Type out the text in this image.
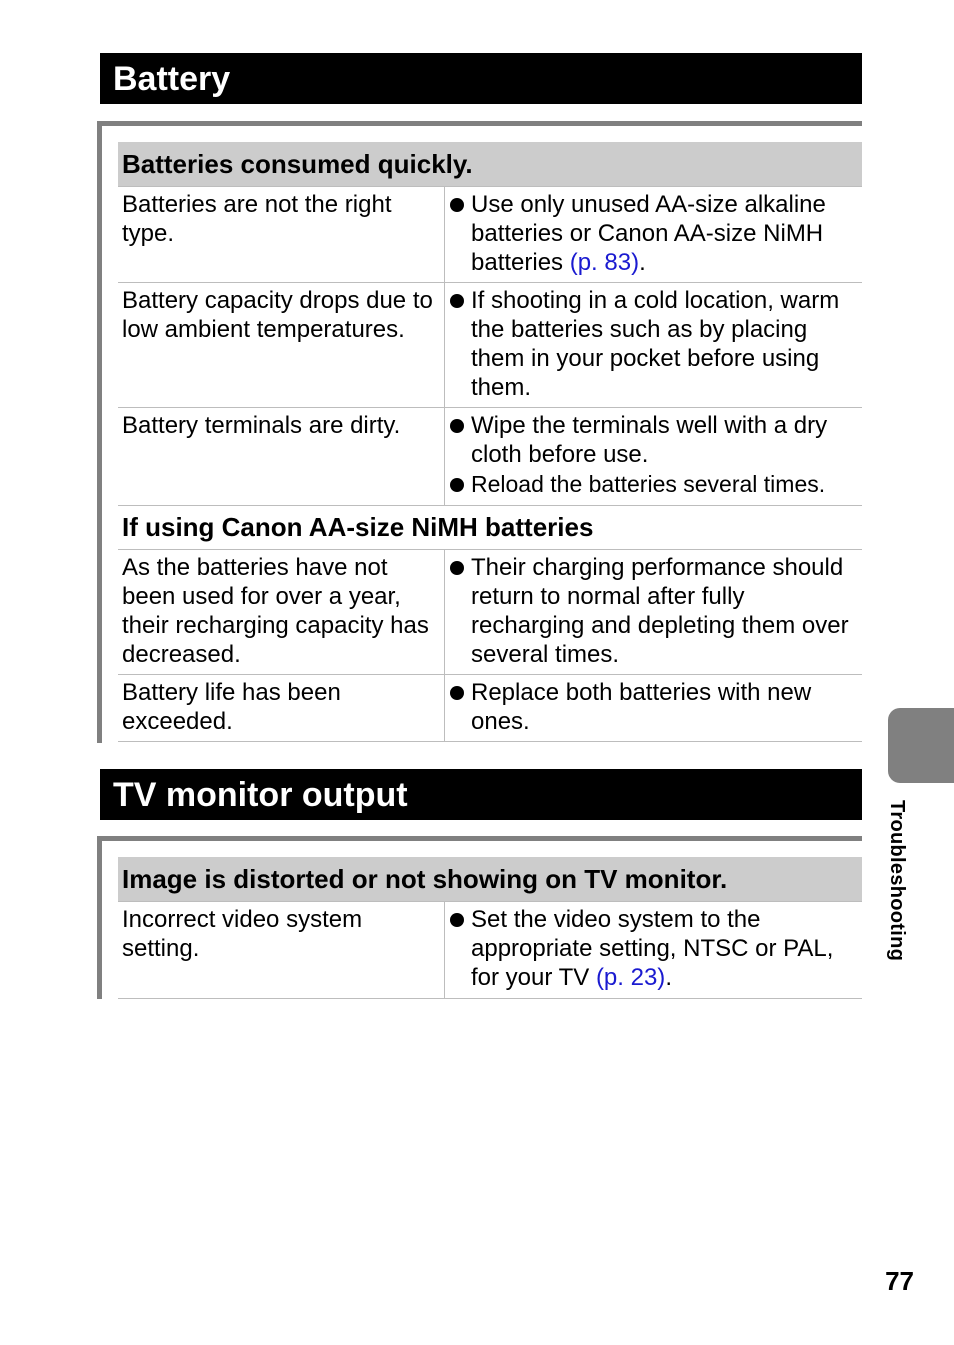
Battery
Batteries consumed quickly.
Batteries are not the right type.
Use only unused AA-size alkaline batteries or Canon AA-size NiMH batteries (p. 83).
Battery capacity drops due to low ambient temperatures.
If shooting in a cold location, warm the batteries such as by placing them in your pocket before using them.
Battery terminals are dirty.	Wipe the terminals well with a dry cloth before use.
Reload the batteries several times.
If using Canon AA-size NiMH batteries
As the batteries have not been used for over a year, their recharging capacity has decreased.
Their charging performance should return to normal after fully recharging and depleting them over several times.
Battery life has been exceeded.
Replace both batteries with new ones.
TV monitor output
Image is distorted or not showing on TV monitor.
Incorrect video system setting.
Set the video system to the appropriate setting, NTSC or PAL, for your TV (p. 23).
Troubleshooting
77
